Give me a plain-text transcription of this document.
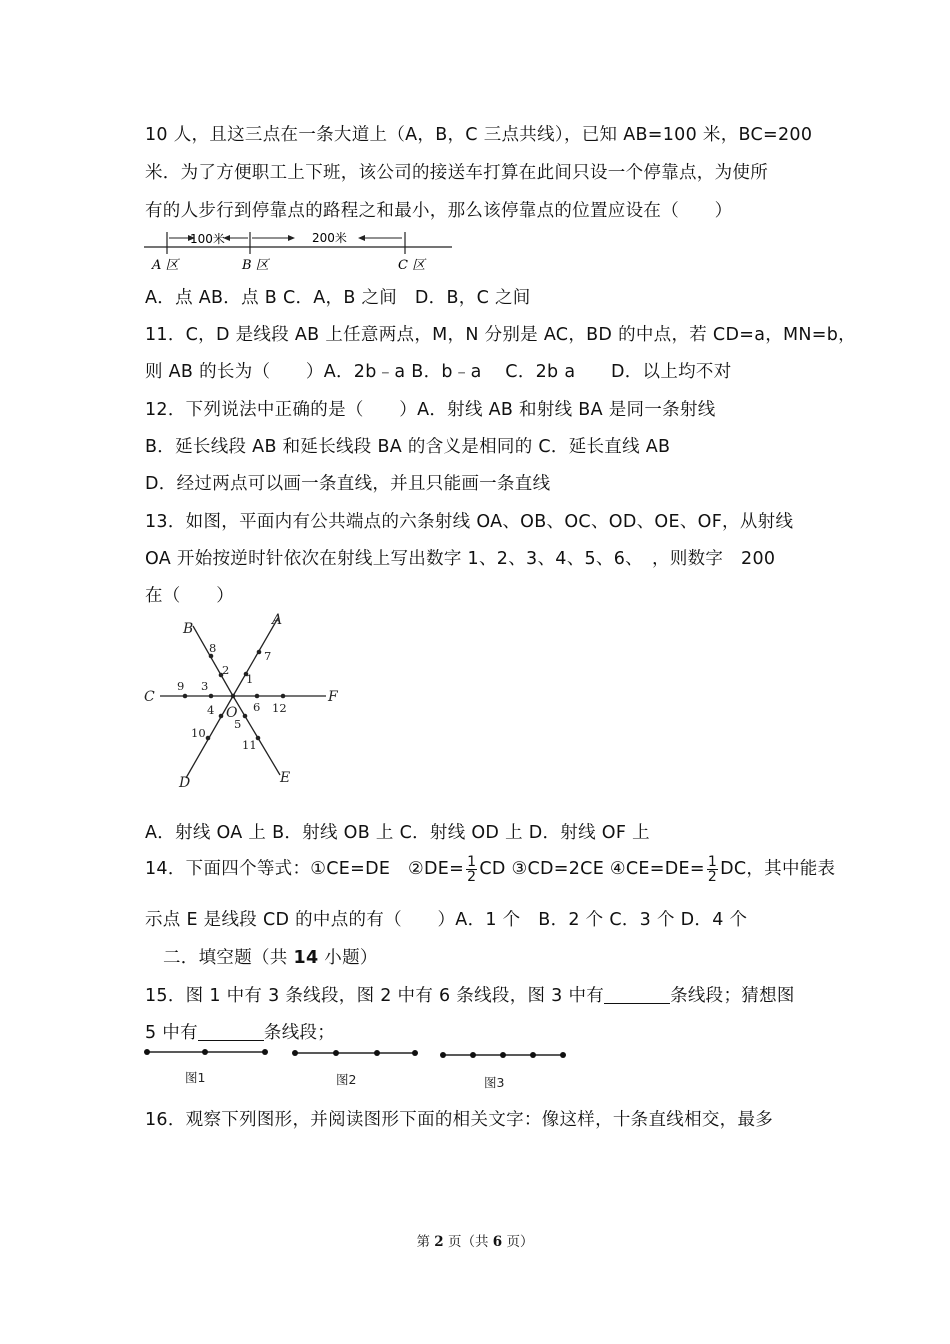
10 人，且这三点在一条大道上（A，B，C 三点共线），已知 AB=100 米，BC=200
米．为了方便职工上下班，该公司的接送车打算在此间只设一个停靠点，为使所
有的人步行到停靠点的路程之和最小，那么该停靠点的位置应设在（　　）
100米	200米
A 区	B 区	C 区
A．点 AB．点 B C．A，B 之间　D．B，C 之间
11．C，D 是线段 AB 上任意两点，M，N 分别是 AC，BD 的中点，若 CD=a，MN=b，
则 AB 的长为（　　）A．2b﹣a B．b﹣a　 C．2b a　　D．以上均不对
12．下列说法中正确的是（　　）A．射线 AB 和射线 BA 是同一条射线
B．延长线段 AB 和延长线段 BA 的含义是相同的 C．延长直线 AB
D．经过两点可以画一条直线，并且只能画一条直线
13．如图，平面内有公共端点的六条射线 OA、OB、OC、OD、OE、OF，从射线
OA 开始按逆时针依次在射线上写出数字 1、2、3、4、5、6、　，则数字　200
在（　　）
A
B
C
D	E
F
O
1
2
3
4
5
6
7
8
9
10
11
12
A．射线 OA 上 B．射线 OB 上 C．射线 OD 上 D．射线 OF 上
14．下面四个等式：①CE=DE　②DE= $\frac{1}{2}$ CD ③CD=2CE ④CE=DE= $\frac{1}{2}$ DC，其中能表
示点 E 是线段 CD 的中点的有（　　）A．1 个　B．2 个 C．3 个 D．4 个
二．填空题（共 14 小题）
15．图 1 中有 3 条线段，图 2 中有 6 条线段，图 3 中有	条线段；猜想图
5 中有	条线段；
图1	图2	图3
16．观察下列图形，并阅读图形下面的相关文字：像这样，十条直线相交，最多
第 2 页（共 6 页）
